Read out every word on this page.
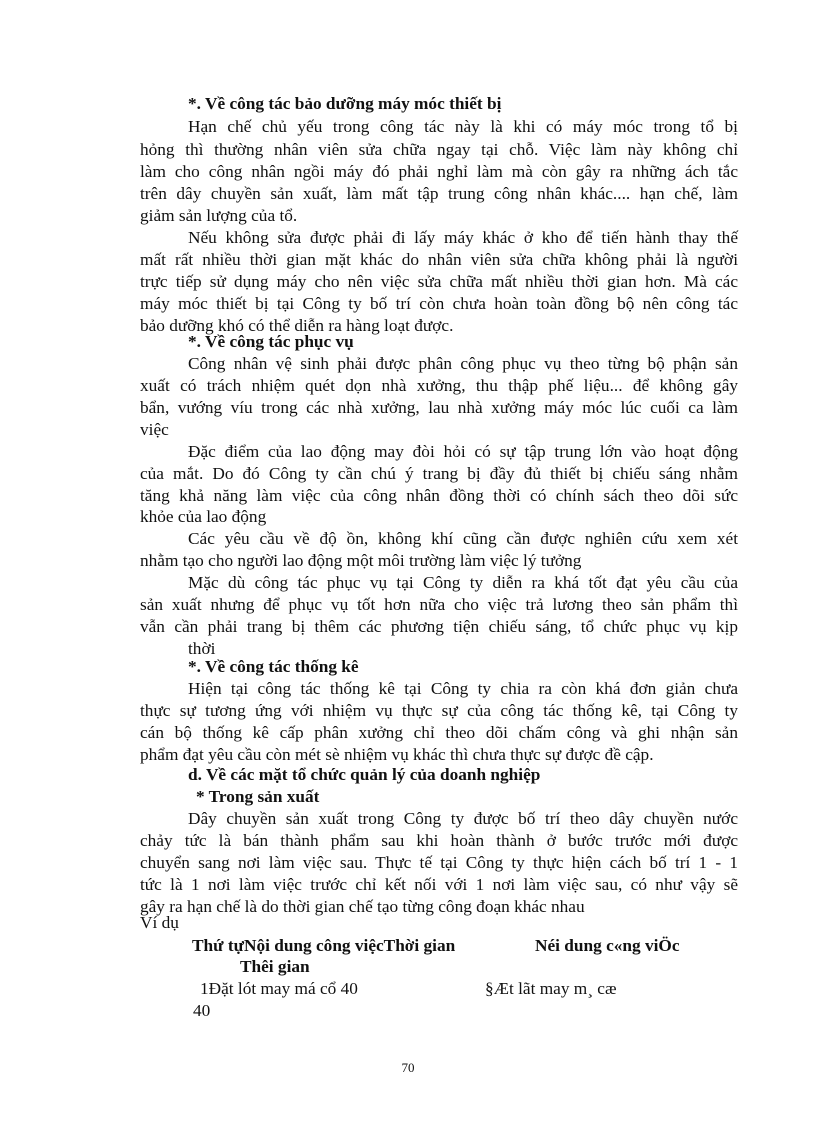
*. Về công tác bảo dưỡng máy móc thiết bị
Hạn chế chủ yếu trong công tác này là khi có máy móc trong tổ bị
hỏng thì thường nhân viên sửa chữa ngay tại chỗ. Việc làm này không chỉ
làm cho công nhân ngồi máy đó phải nghỉ làm mà còn gây ra những ách tắc
trên dây chuyền sản xuất, làm mất tập trung công nhân khác.... hạn chế, làm
giảm sản lượng của tổ.
Nếu không sửa được phải đi lấy máy khác ở kho để tiến hành thay thế
mất rất nhiều thời gian mặt khác do nhân viên sửa chữa không phải là người
trực tiếp sử dụng máy cho nên việc sửa chữa mất nhiều thời gian hơn. Mà các
máy móc thiết bị tại Công ty bố trí còn chưa hoàn toàn đồng bộ nên công tác
bảo dưỡng khó có thể diễn ra hàng loạt được.
*. Về công tác phục vụ
Công nhân vệ sinh phải được phân công phục vụ theo từng bộ phận sản
xuất có trách nhiệm quét dọn nhà xưởng, thu thập phế liệu... để không gây
bẩn, vướng víu trong các nhà xưởng, lau nhà xưởng máy móc lúc cuối ca làm
việc
Đặc điểm của lao động may đòi hỏi có sự tập trung lớn vào hoạt động
của mắt. Do đó Công ty cần chú ý trang bị đầy đủ thiết bị chiếu sáng nhằm
tăng khả năng làm việc của công nhân đồng thời có chính sách theo dõi sức
khỏe của lao động
Các yêu cầu về độ ồn, không khí cũng cần được nghiên cứu xem xét
nhằm tạo cho người lao động một môi trường làm việc lý tưởng
Mặc dù công tác phục vụ tại Công ty diễn ra khá tốt đạt yêu cầu của
sản xuất nhưng để phục vụ tốt hơn nữa cho việc trả lương theo sản phẩm thì
vẫn cần phải trang bị thêm các phương tiện chiếu sáng, tổ chức phục vụ kịp
thời
*. Về công tác thống kê
Hiện tại công tác thống kê tại Công ty chia ra còn khá đơn giản chưa
thực sự tương ứng với nhiệm vụ thực sự của công tác thống kê, tại Công ty
cán bộ thống kê cấp phân xưởng chỉ theo dõi chấm công và ghi nhận sản
phẩm đạt yêu cầu còn mét sè nhiệm vụ khác thì chưa thực sự được đề cập.
d. Về các mặt tổ chức quản lý của doanh nghiệp
* Trong sản xuất
Dây chuyền sản xuất trong Công ty được bố trí theo dây chuyền nước
chảy tức là bán thành phẩm sau khi hoàn thành ở bước trước mới được
chuyển sang nơi làm việc sau. Thực tế tại Công ty thực hiện cách bố trí 1 - 1
tức là 1 nơi làm việc trước chỉ kết nối với 1 nơi làm việc sau, có như vậy sẽ
gây ra hạn chế là do thời gian chế tạo từng công đoạn khác nhau
Ví dụ
Thứ tựNội dung công việcThời gian	Néi dung c«ng viÖc
Thêi gian
1Đặt lót may má cổ 40	§Æt lãt may m¸ cæ
40
70
